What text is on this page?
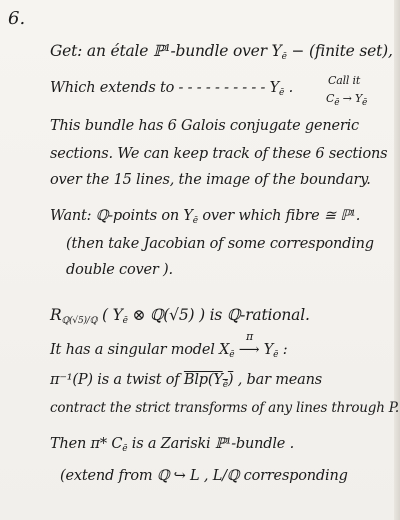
6.
Get: an étale ℙ¹-bundle over $Y_ē$ − (finite set),
Which extends to - - - - - - - - - - $Y_ē$ .	Call it
$C_ē \to Y_ē$
This bundle has 6 Galois conjugate generic
sections. We can keep track of these 6 sections
over the 15 lines, the image of the boundary.
Want: ℚ-points on $Y_ē$ over which fibre ≅ ℙ¹.
(then take Jacobian of some corresponding
double cover ).
$R_{ℚ(√5)/ℚ}$ ( $Y_ē$ ⊗ ℚ(√5) ) is ℚ-rational.
π
It has a singular model $X_ē$ ⟶ $Y_ē$ :
π⁻¹(P) is a twist of $Blp(Y_ē)$ , bar means
contract the strict transforms of any lines through P.
Then π* $C_ē$ is a Zariski ℙ¹-bundle .
(extend from ℚ ↪ L , L/ℚ corresponding
